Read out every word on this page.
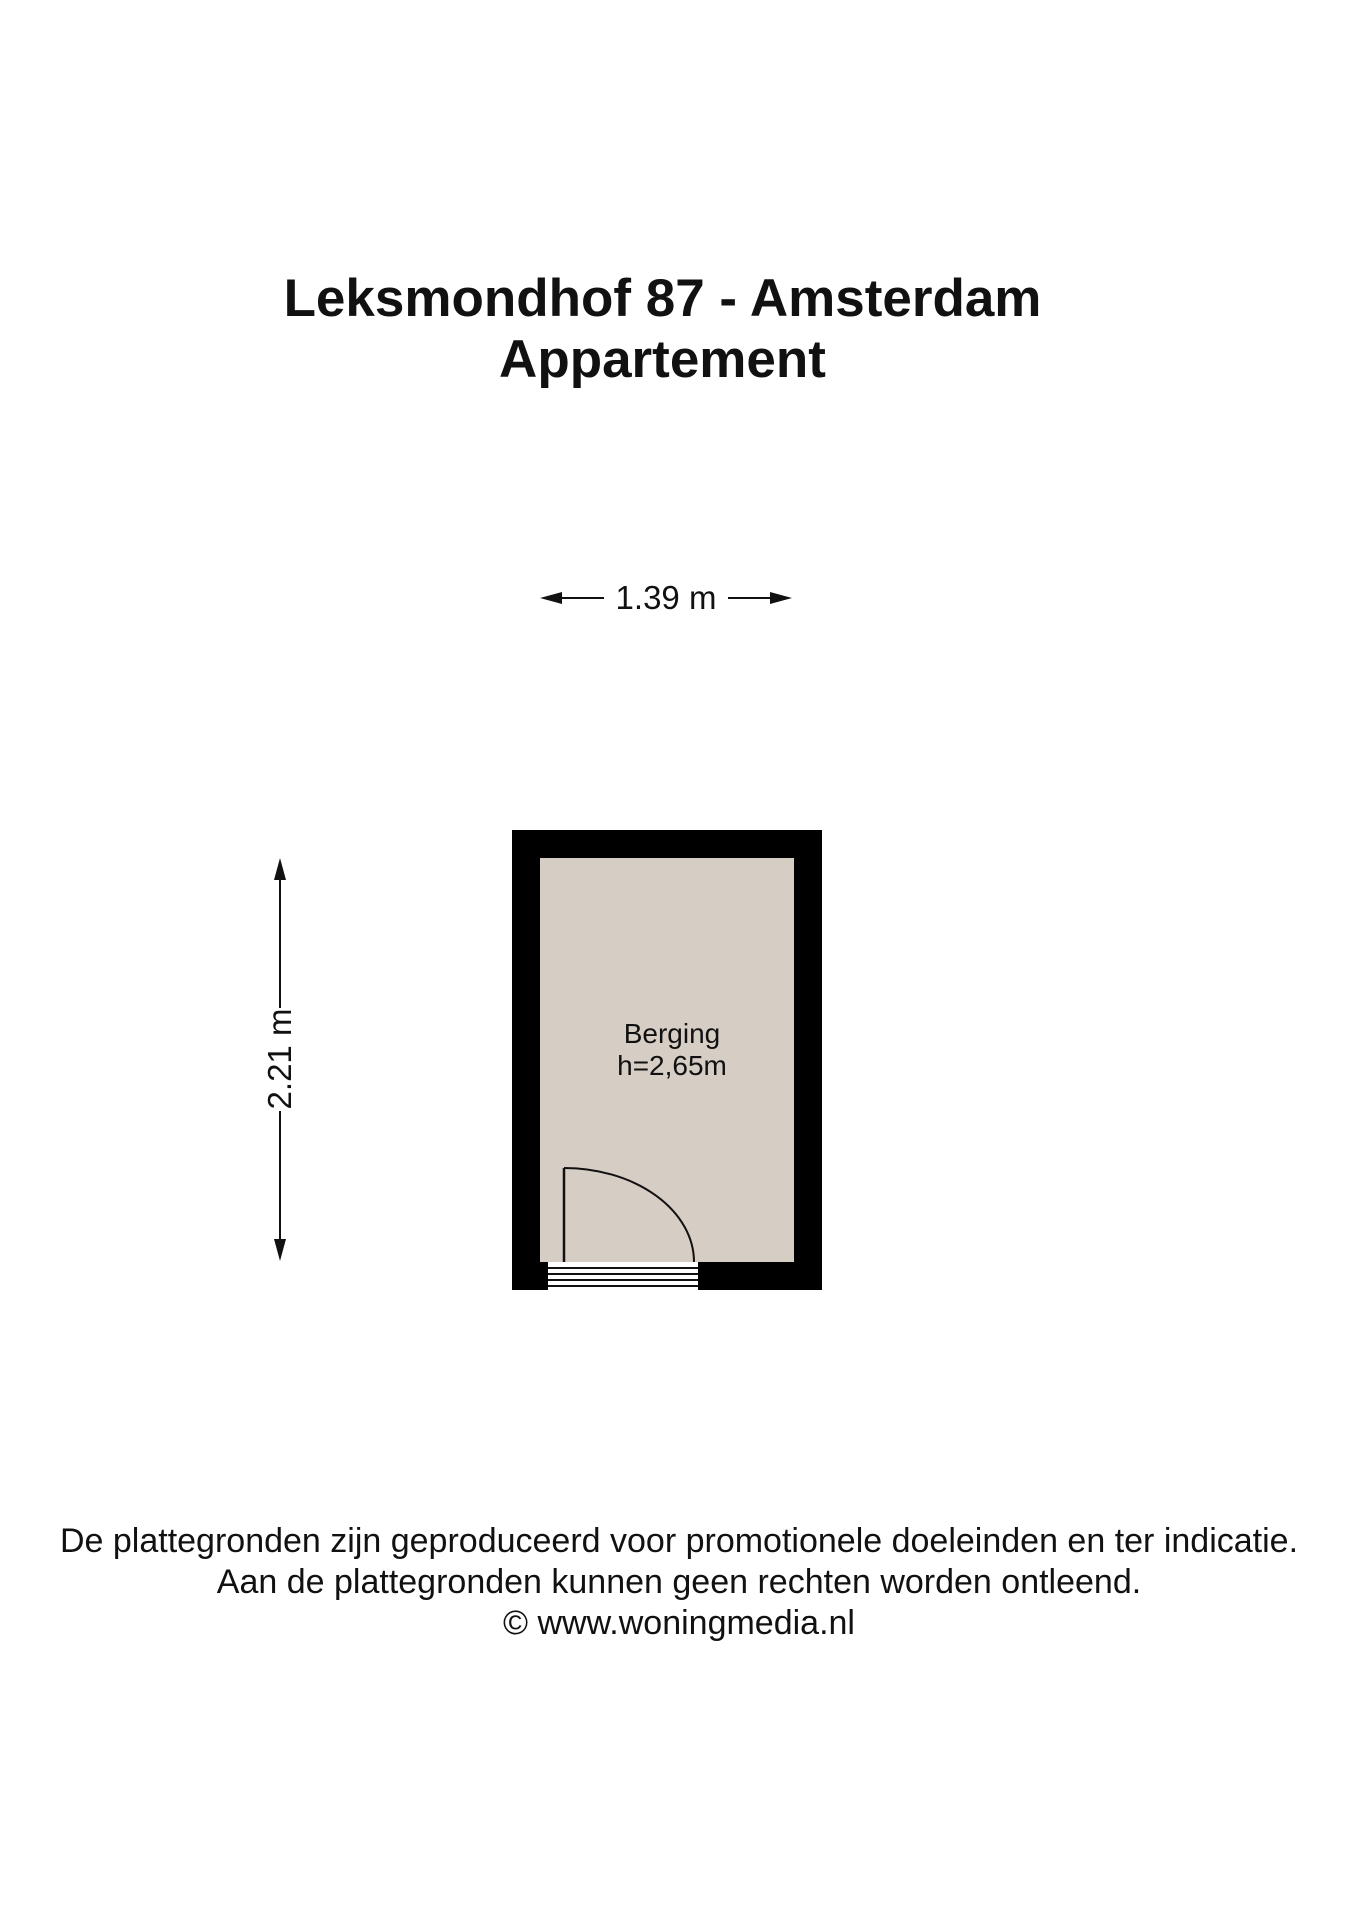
Leksmondhof 87 - Amsterdam
Appartement
1.39 m
2.21 m	Berging
h=2,65m
De plattegronden zijn geproduceerd voor promotionele doeleinden en ter indicatie.
Aan de plattegronden kunnen geen rechten worden ontleend.
© www.woningmedia.nl
